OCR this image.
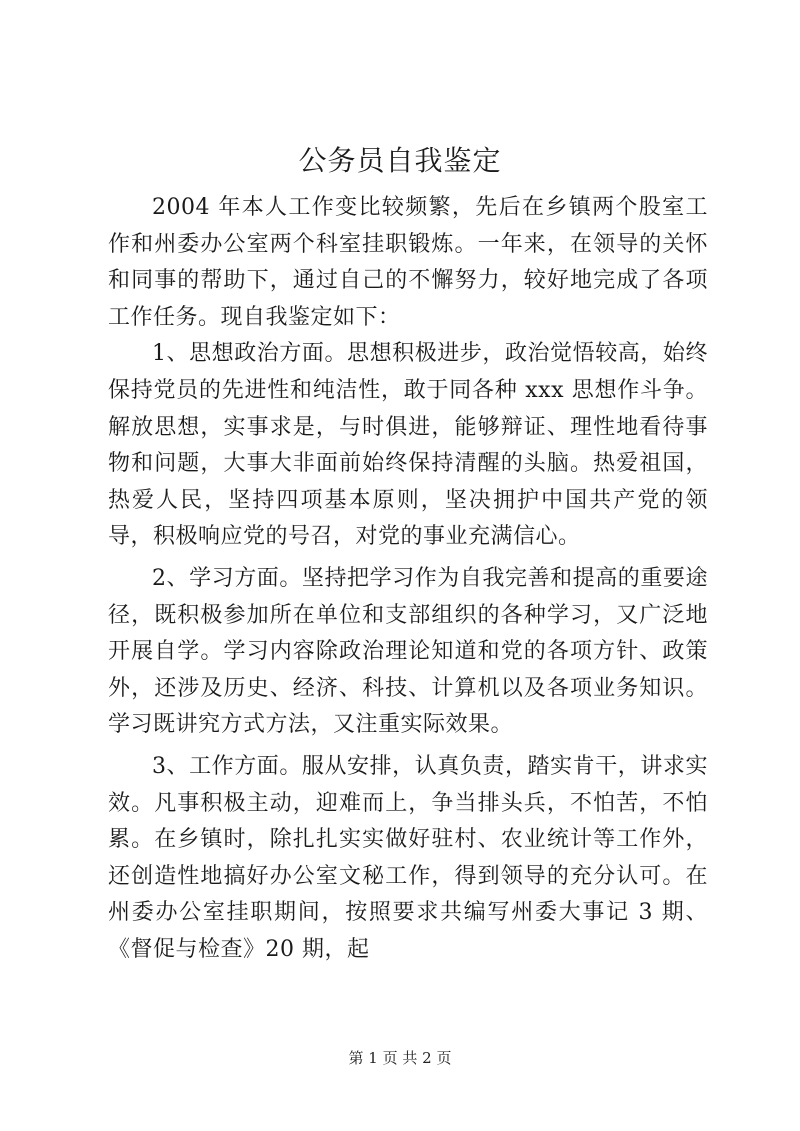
公务员自我鉴定

2004 年本人工作变比较频繁，先后在乡镇两个股室工作和州委办公室两个科室挂职锻炼。一年来，在领导的关怀和同事的帮助下，通过自己的不懈努力，较好地完成了各项工作任务。现自我鉴定如下：

1、思想政治方面。思想积极进步，政治觉悟较高，始终保持党员的先进性和纯洁性，敢于同各种 xxx 思想作斗争。解放思想，实事求是，与时俱进，能够辩证、理性地看待事物和问题，大事大非面前始终保持清醒的头脑。热爱祖国，热爱人民，坚持四项基本原则，坚决拥护中国共产党的领导，积极响应党的号召，对党的事业充满信心。

2、学习方面。坚持把学习作为自我完善和提高的重要途径，既积极参加所在单位和支部组织的各种学习，又广泛地开展自学。学习内容除政治理论知道和党的各项方针、政策外，还涉及历史、经济、科技、计算机以及各项业务知识。学习既讲究方式方法，又注重实际效果。

3、工作方面。服从安排，认真负责，踏实肯干，讲求实效。凡事积极主动，迎难而上，争当排头兵，不怕苦，不怕累。在乡镇时，除扎扎实实做好驻村、农业统计等工作外，还创造性地搞好办公室文秘工作，得到领导的充分认可。在州委办公室挂职期间，按照要求共编写州委大事记 3 期、《督促与检查》20 期，起

第 1 页 共 2 页
